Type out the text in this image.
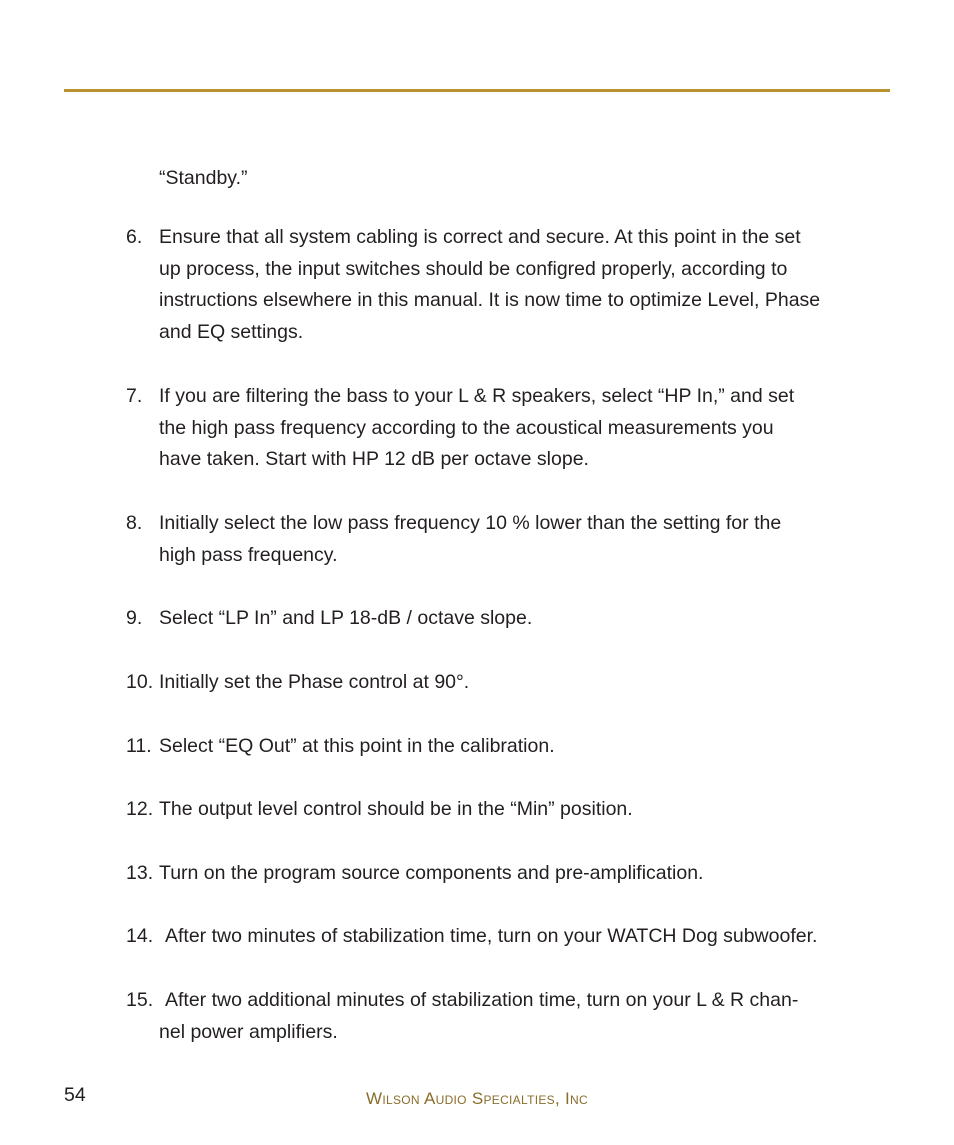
“Standby.”
6. Ensure that all system cabling is correct and secure. At this point in the set
up process, the input switches should be configred properly, according to
instructions elsewhere in this manual. It is now time to optimize Level, Phase
and EQ settings.
7. If you are filtering the bass to your L & R speakers, select “HP In,” and set
the high pass frequency according to the acoustical measurements you
have taken. Start with HP 12 dB per octave slope.
8. Initially select the low pass frequency 10 % lower than the setting for the
high pass frequency.
9. Select “LP In” and LP 18-dB / octave slope.
10. Initially set the Phase control at 90°.
11. Select “EQ Out” at this point in the calibration.
12. The output level control should be in the “Min” position.
13. Turn on the program source components and pre-amplification.
14. After two minutes of stabilization time, turn on your WATCH Dog subwoofer.
15. After two additional minutes of stabilization time, turn on your L & R chan-
nel power amplifiers.
54	Wilson Audio Specialties, Inc
